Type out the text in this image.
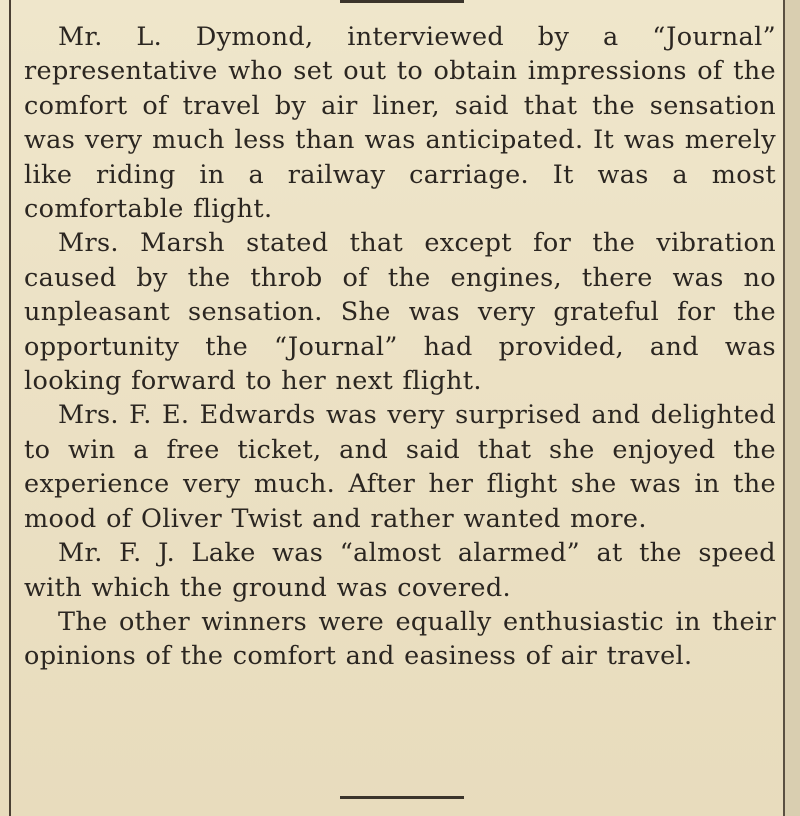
Mr. L. Dymond, interviewed by a “Journal” representative who set out to obtain impressions of the comfort of travel by air liner, said that the sensation was very much less than was anticipated. It was merely like riding in a railway carriage. It was a most comfortable flight.

Mrs. Marsh stated that except for the vibration caused by the throb of the engines, there was no unpleasant sensation. She was very grateful for the opportunity the “Journal” had provided, and was looking forward to her next flight.

Mrs. F. E. Edwards was very surprised and delighted to win a free ticket, and said that she enjoyed the experience very much. After her flight she was in the mood of Oliver Twist and rather wanted more.

Mr. F. J. Lake was “almost alarmed” at the speed with which the ground was covered.

The other winners were equally enthusiastic in their opinions of the comfort and easiness of air travel.
